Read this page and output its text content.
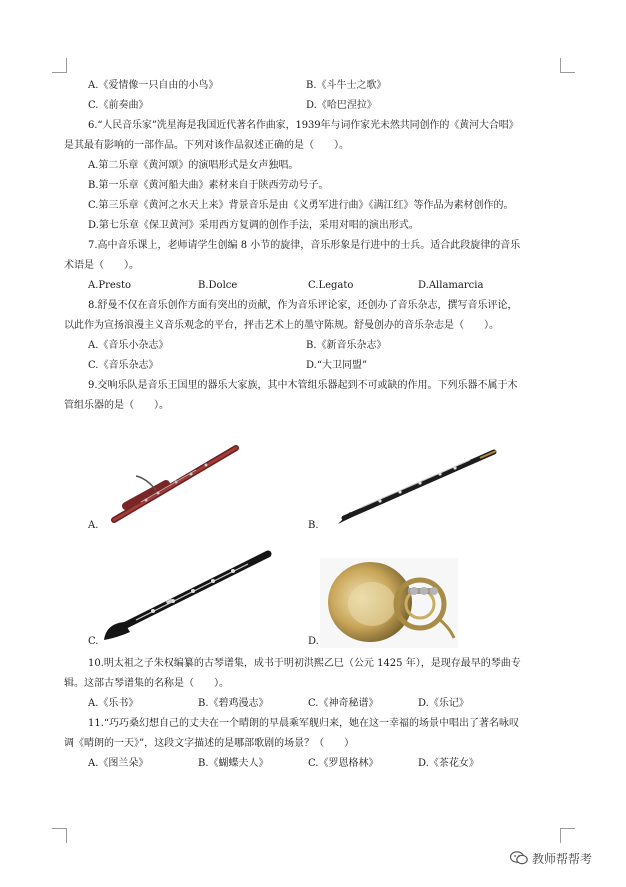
A.《爱情像一只自由的小鸟》	B.《斗牛士之歌》
C.《前奏曲》	D.《哈巴涅拉》
6.“人民音乐家”冼星海是我国近代著名作曲家，1939年与词作家光未然共同创作的《黄河大合唱》
是其最有影响的一部作品。下列对该作品叙述正确的是（　　）。
A.第二乐章《黄河颂》的演唱形式是女声独唱。
B.第一乐章《黄河船夫曲》素材来自于陕西劳动号子。
C.第三乐章《黄河之水天上来》背景音乐是由《义勇军进行曲》《满江红》等作品为素材创作的。
D.第七乐章《保卫黄河》采用西方复调的创作手法，采用对唱的演出形式。
7.高中音乐课上，老师请学生创编 8 小节的旋律，音乐形象是行进中的士兵。适合此段旋律的音乐
术语是（　　）。
A.Presto	B.Dolce	C.Legato	D.Allamarcia
8.舒曼不仅在音乐创作方面有突出的贡献，作为音乐评论家，还创办了音乐杂志，撰写音乐评论，
以此作为宣扬浪漫主义音乐观念的平台，抨击艺术上的墨守陈规。舒曼创办的音乐杂志是（　　）。
A.《音乐小杂志》	B.《新音乐杂志》
C.《音乐杂志》	D.“大卫同盟”
9.交响乐队是音乐王国里的器乐大家族，其中木管组乐器起到不可或缺的作用。下列乐器不属于木
管组乐器的是（　　）。
A.	B.
C.	D.
10.明太祖之子朱权编纂的古琴谱集，成书于明初洪熙乙巳（公元 1425 年），是现存最早的琴曲专
辑。这部古琴谱集的名称是（　　）。
A.《乐书》	B.《碧鸡漫志》	C.《神奇秘谱》	D.《乐记》
11.“巧巧桑幻想自己的丈夫在一个晴朗的早晨乘军舰归来，她在这一幸福的场景中唱出了著名咏叹
调《晴朗的一天》”，这段文字描述的是哪部歌剧的场景？（　　）
A.《图兰朵》	B.《蝴蝶夫人》	C.《罗恩格林》	D.《茶花女》
教师帮帮考
